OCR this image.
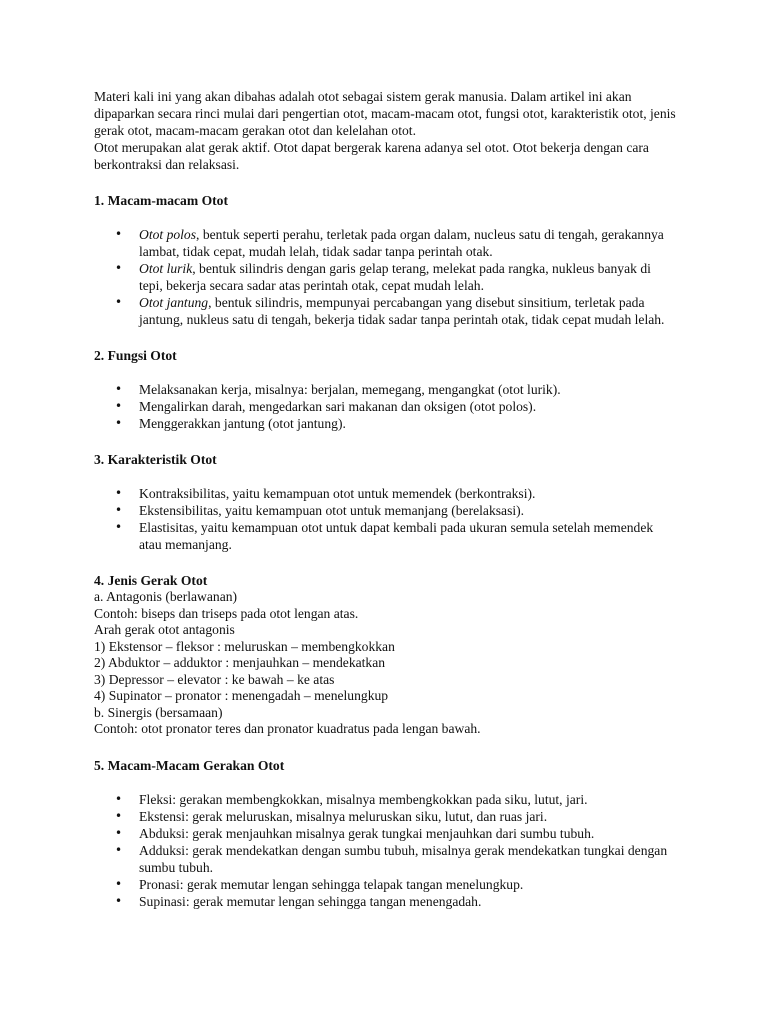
Materi kali ini yang akan dibahas adalah otot sebagai sistem gerak manusia. Dalam artikel ini akan dipaparkan secara rinci mulai dari pengertian otot, macam-macam otot, fungsi otot, karakteristik otot, jenis gerak otot, macam-macam gerakan otot dan kelelahan otot.

Otot merupakan alat gerak aktif. Otot dapat bergerak karena adanya sel otot. Otot bekerja dengan cara berkontraksi dan relaksasi.

1. Macam-macam Otot
• Otot polos, bentuk seperti perahu, terletak pada organ dalam, nucleus satu di tengah, gerakannya lambat, tidak cepat, mudah lelah, tidak sadar tanpa perintah otak.
• Otot lurik, bentuk silindris dengan garis gelap terang, melekat pada rangka, nukleus banyak di tepi, bekerja secara sadar atas perintah otak, cepat mudah lelah.
• Otot jantung, bentuk silindris, mempunyai percabangan yang disebut sinsitium, terletak pada jantung, nukleus satu di tengah, bekerja tidak sadar tanpa perintah otak, tidak cepat mudah lelah.
2. Fungsi Otot
• Melaksanakan kerja, misalnya: berjalan, memegang, mengangkat (otot lurik).
• Mengalirkan darah, mengedarkan sari makanan dan oksigen (otot polos).
• Menggerakkan jantung (otot jantung).
3. Karakteristik Otot
• Kontraksibilitas, yaitu kemampuan otot untuk memendek (berkontraksi).
• Ekstensibilitas, yaitu kemampuan otot untuk memanjang (berelaksasi).
• Elastisitas, yaitu kemampuan otot untuk dapat kembali pada ukuran semula setelah memendek atau memanjang.
4. Jenis Gerak Otot

a. Antagonis (berlawanan)

Contoh: biseps dan triseps pada otot lengan atas.

Arah gerak otot antagonis

1) Ekstensor – fleksor : meluruskan – membengkokkan

2) Abduktor – adduktor : menjauhkan – mendekatkan

3) Depressor – elevator : ke bawah – ke atas

4) Supinator – pronator : menengadah – menelungkup

b. Sinergis (bersamaan)

Contoh: otot pronator teres dan pronator kuadratus pada lengan bawah.

5. Macam-Macam Gerakan Otot
• Fleksi: gerakan membengkokkan, misalnya membengkokkan pada siku, lutut, jari.
• Ekstensi: gerak meluruskan, misalnya meluruskan siku, lutut, dan ruas jari.
• Abduksi: gerak menjauhkan misalnya gerak tungkai menjauhkan dari sumbu tubuh.
• Adduksi: gerak mendekatkan dengan sumbu tubuh, misalnya gerak mendekatkan tungkai dengan sumbu tubuh.
• Pronasi: gerak memutar lengan sehingga telapak tangan menelungkup.
• Supinasi: gerak memutar lengan sehingga tangan menengadah.
